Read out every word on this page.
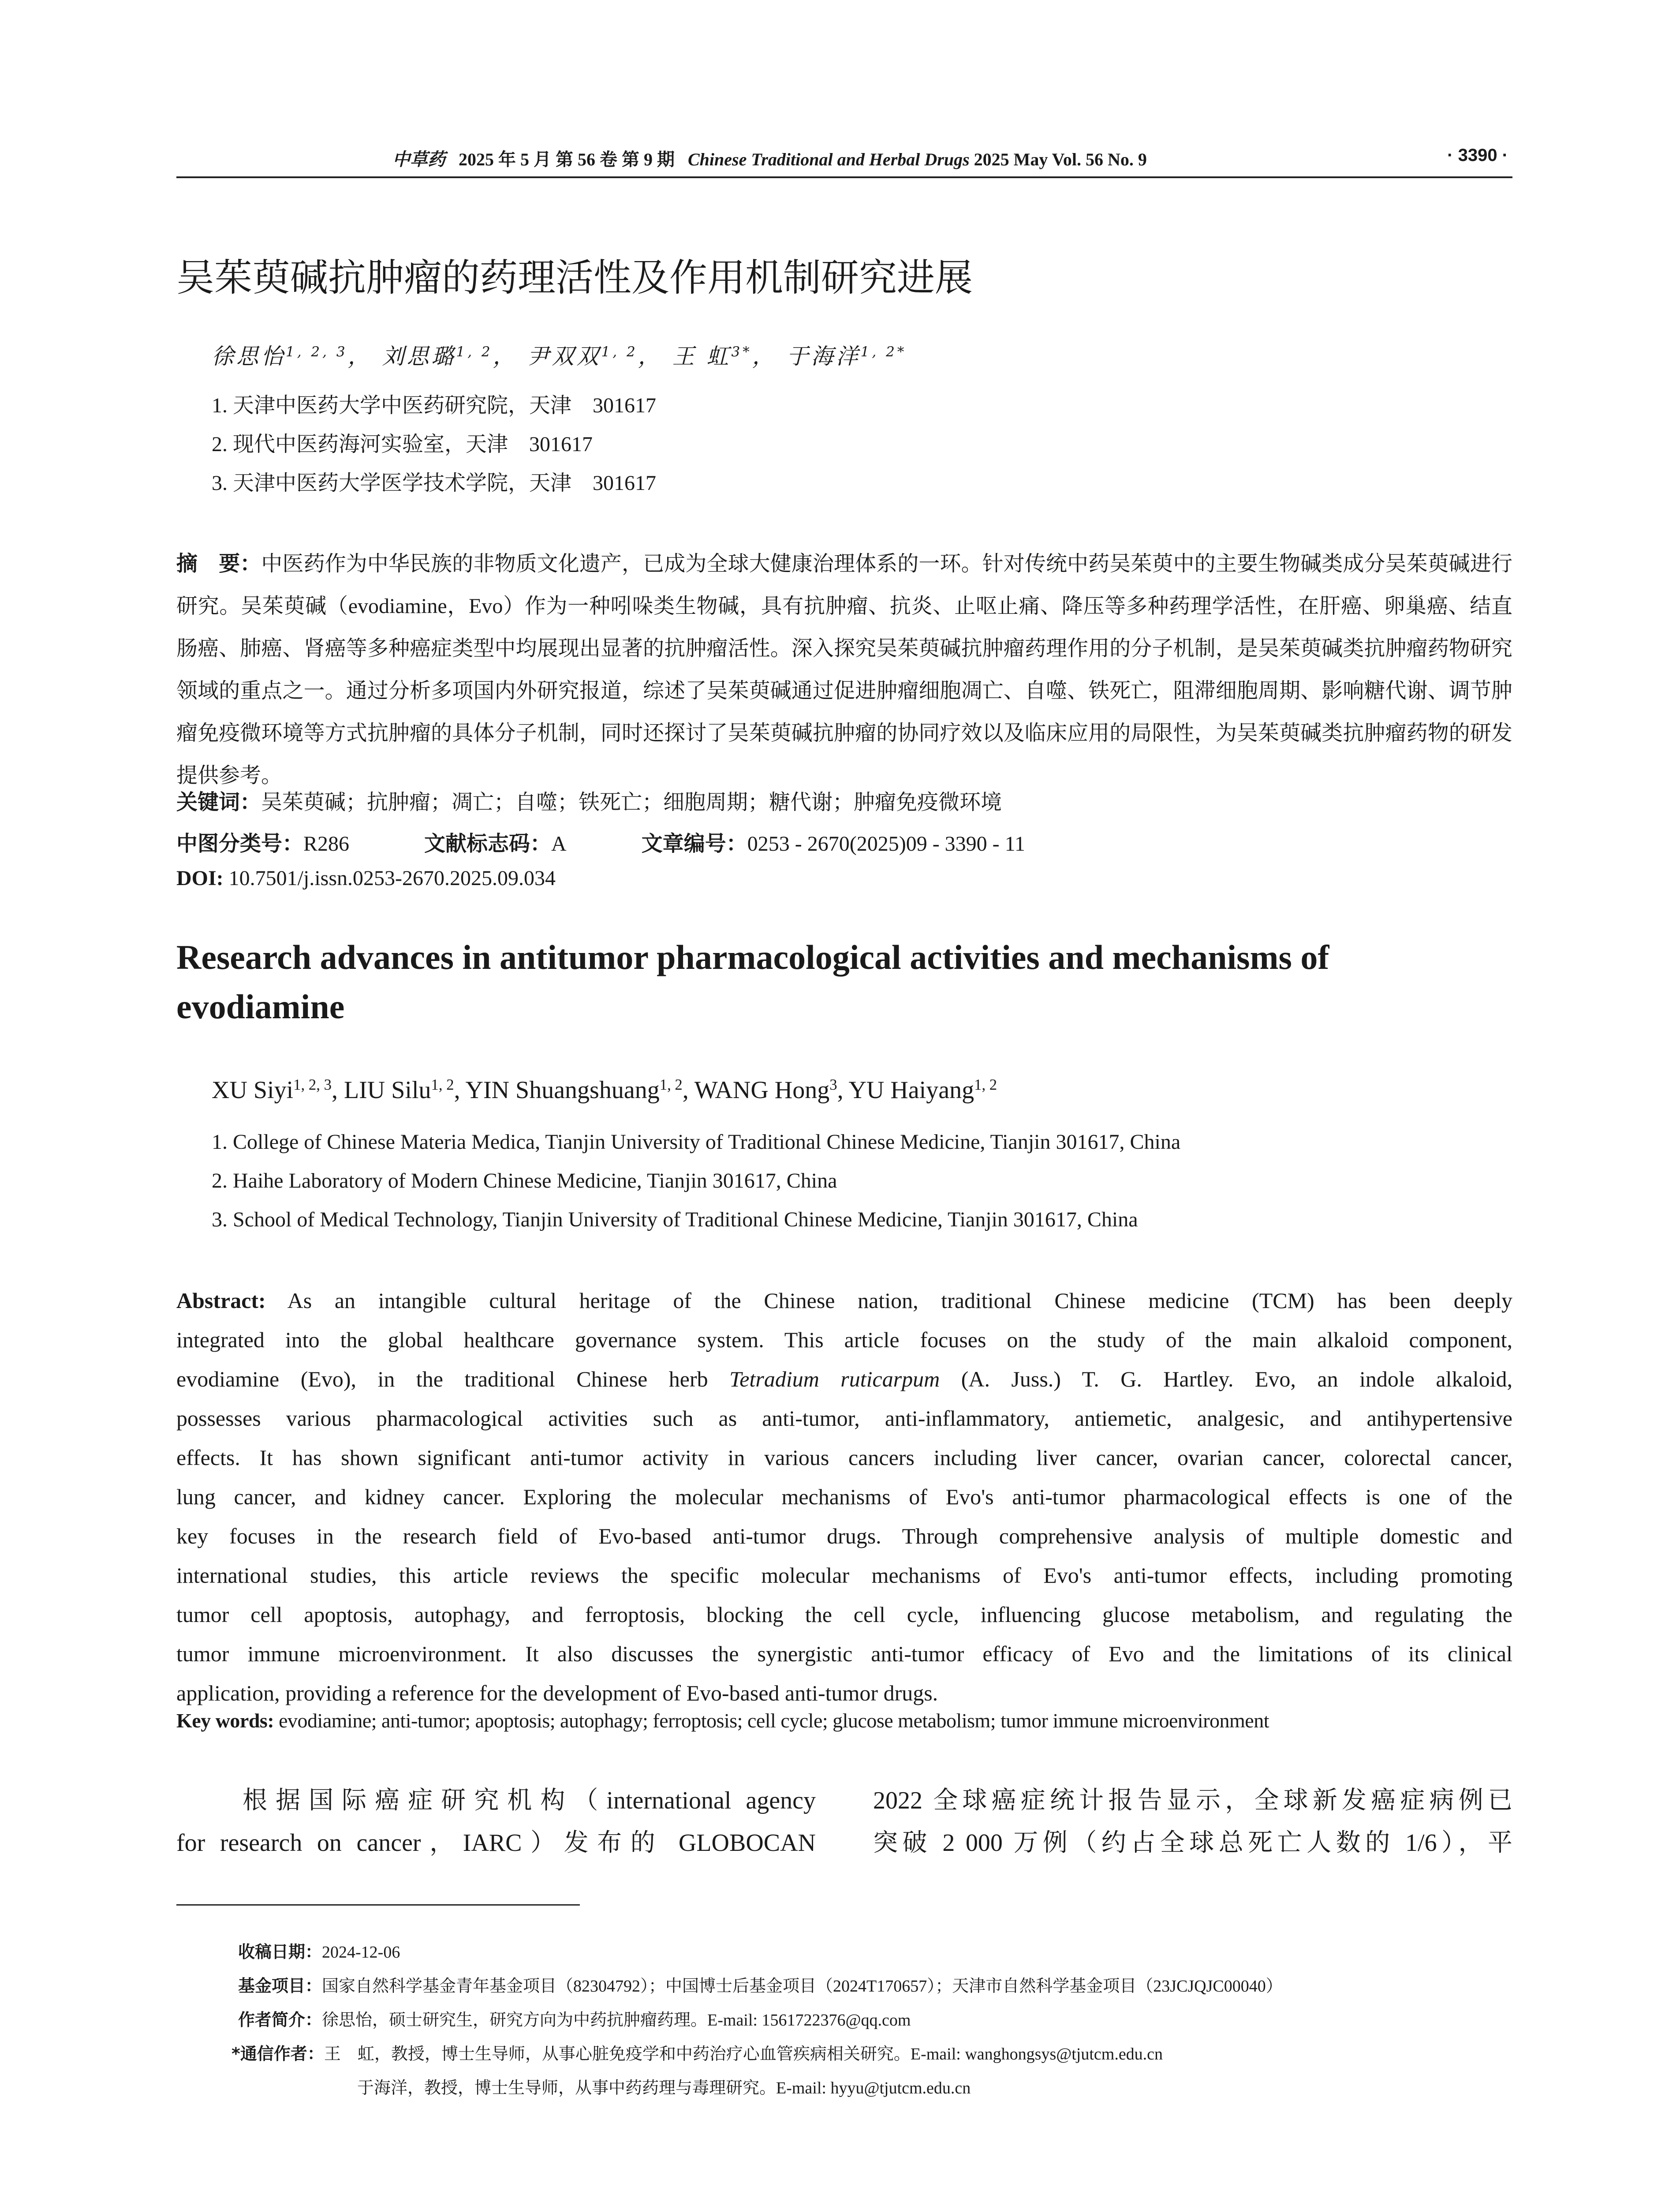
中草药 2025 年 5 月 第 56 卷 第 9 期 Chinese Traditional and Herbal Drugs 2025 May Vol. 56 No. 9	· 3390 ·
吴茱萸碱抗肿瘤的药理活性及作用机制研究进展
徐思怡$^{1, 2, 3}$， 刘思璐$^{1, 2}$， 尹双双$^{1, 2}$， 王 虹$^{3*}$， 于海洋$^{1, 2*}$
1. 天津中医药大学中医药研究院，天津　301617
2. 现代中医药海河实验室，天津　301617
3. 天津中医药大学医学技术学院，天津　301617
摘　要：中医药作为中华民族的非物质文化遗产，已成为全球大健康治理体系的一环。针对传统中药吴茱萸中的主要生物碱类成分吴茱萸碱进行研究。吴茱萸碱（evodiamine，Evo）作为一种吲哚类生物碱，具有抗肿瘤、抗炎、止呕止痛、降压等多种药理学活性，在肝癌、卵巢癌、结直肠癌、肺癌、肾癌等多种癌症类型中均展现出显著的抗肿瘤活性。深入探究吴茱萸碱抗肿瘤药理作用的分子机制，是吴茱萸碱类抗肿瘤药物研究领域的重点之一。通过分析多项国内外研究报道，综述了吴茱萸碱通过促进肿瘤细胞凋亡、自噬、铁死亡，阻滞细胞周期、影响糖代谢、调节肿瘤免疫微环境等方式抗肿瘤的具体分子机制，同时还探讨了吴茱萸碱抗肿瘤的协同疗效以及临床应用的局限性，为吴茱萸碱类抗肿瘤药物的研发提供参考。
关键词：吴茱萸碱；抗肿瘤；凋亡；自噬；铁死亡；细胞周期；糖代谢；肿瘤免疫微环境
中图分类号：R286	文献标志码：A	文章编号：0253 - 2670(2025)09 - 3390 - 11
DOI: 10.7501/j.issn.0253-2670.2025.09.034
Research advances in antitumor pharmacological activities and mechanisms of evodiamine
XU Siyi$^{1, 2, 3}$, LIU Silu$^{1, 2}$, YIN Shuangshuang$^{1, 2}$, WANG Hong$^3$, YU Haiyang$^{1, 2}$
1. College of Chinese Materia Medica, Tianjin University of Traditional Chinese Medicine, Tianjin 301617, China
2. Haihe Laboratory of Modern Chinese Medicine, Tianjin 301617, China
3. School of Medical Technology, Tianjin University of Traditional Chinese Medicine, Tianjin 301617, China
Abstract: As an intangible cultural heritage of the Chinese nation, traditional Chinese medicine (TCM) has been deeply
integrated into the global healthcare governance system. This article focuses on the study of the main alkaloid component,
evodiamine (Evo), in the traditional Chinese herb Tetradium ruticarpum (A. Juss.) T. G. Hartley. Evo, an indole alkaloid,
possesses various pharmacological activities such as anti-tumor, anti-inflammatory, antiemetic, analgesic, and antihypertensive
effects. It has shown significant anti-tumor activity in various cancers including liver cancer, ovarian cancer, colorectal cancer,
lung cancer, and kidney cancer. Exploring the molecular mechanisms of Evo's anti-tumor pharmacological effects is one of the
key focuses in the research field of Evo-based anti-tumor drugs. Through comprehensive analysis of multiple domestic and
international studies, this article reviews the specific molecular mechanisms of Evo's anti-tumor effects, including promoting
tumor cell apoptosis, autophagy, and ferroptosis, blocking the cell cycle, influencing glucose metabolism, and regulating the
tumor immune microenvironment. It also discusses the synergistic anti-tumor efficacy of Evo and the limitations of its clinical
application, providing a reference for the development of Evo-based anti-tumor drugs.
Key words: evodiamine; anti-tumor; apoptosis; autophagy; ferroptosis; cell cycle; glucose metabolism; tumor immune microenvironment
　　根据国际癌症研究机构（international agency
for research on cancer，IARC）发布的 GLOBOCAN
2022 全球癌症统计报告显示，全球新发癌症病例已
突破 2 000 万例（约占全球总死亡人数的 1/6），平
收稿日期：2024-12-06
基金项目：国家自然科学基金青年基金项目（82304792）；中国博士后基金项目（2024T170657）；天津市自然科学基金项目（23JCJQJC00040）
作者简介：徐思怡，硕士研究生，研究方向为中药抗肿瘤药理。E-mail: 1561722376@qq.com
*通信作者：王　虹，教授，博士生导师，从事心脏免疫学和中药治疗心血管疾病相关研究。E-mail: wanghongsys@tjutcm.edu.cn
于海洋，教授，博士生导师，从事中药药理与毒理研究。E-mail: hyyu@tjutcm.edu.cn
